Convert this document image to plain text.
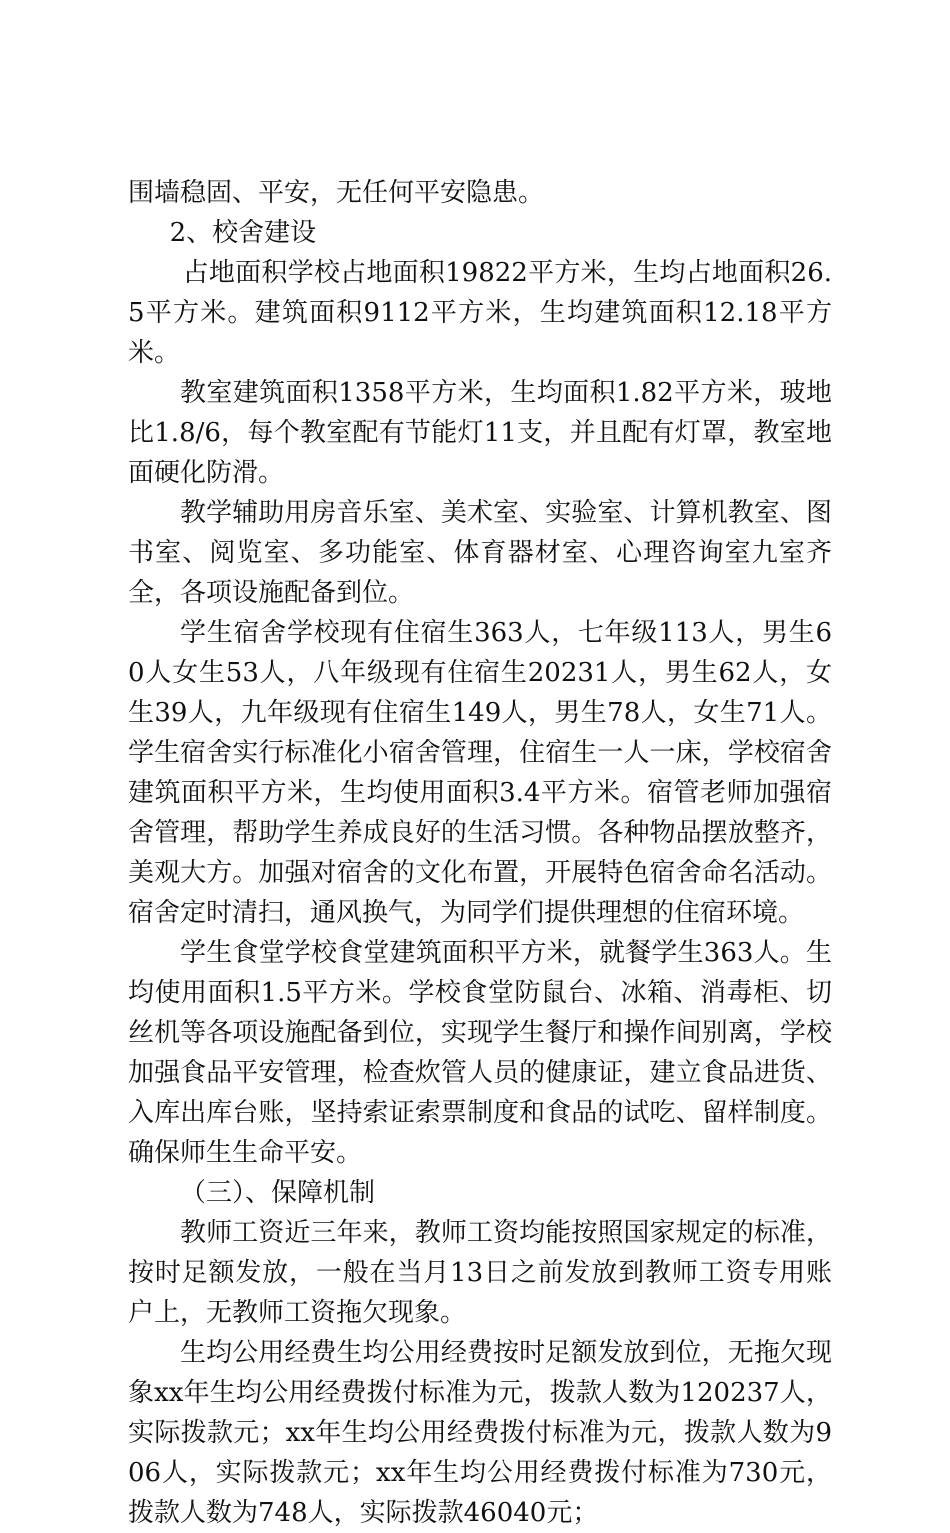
围墙稳固、平安，无任何平安隐患。

2、校舍建设

占地面积学校占地面积19822平方米，生均占地面积26.5平方米。建筑面积9112平方米，生均建筑面积12.18平方米。

教室建筑面积1358平方米，生均面积1.82平方米，玻地比1.8/6，每个教室配有节能灯11支，并且配有灯罩，教室地面硬化防滑。

教学辅助用房音乐室、美术室、实验室、计算机教室、图书室、阅览室、多功能室、体育器材室、心理咨询室九室齐全，各项设施配备到位。

学生宿舍学校现有住宿生363人，七年级113人，男生60人女生53人，八年级现有住宿生20231人，男生62人，女生39人，九年级现有住宿生149人，男生78人，女生71人。学生宿舍实行标准化小宿舍管理，住宿生一人一床，学校宿舍建筑面积平方米，生均使用面积3.4平方米。宿管老师加强宿舍管理，帮助学生养成良好的生活习惯。各种物品摆放整齐，美观大方。加强对宿舍的文化布置，开展特色宿舍命名活动。宿舍定时清扫，通风换气，为同学们提供理想的住宿环境。

学生食堂学校食堂建筑面积平方米，就餐学生363人。生均使用面积1.5平方米。学校食堂防鼠台、冰箱、消毒柜、切丝机等各项设施配备到位，实现学生餐厅和操作间别离，学校加强食品平安管理，检查炊管人员的健康证，建立食品进货、入库出库台账，坚持索证索票制度和食品的试吃、留样制度。确保师生生命平安。

（三）、保障机制

教师工资近三年来，教师工资均能按照国家规定的标准，按时足额发放，一般在当月13日之前发放到教师工资专用账户上，无教师工资拖欠现象。

生均公用经费生均公用经费按时足额发放到位，无拖欠现象xx年生均公用经费拨付标准为元，拨款人数为120237人，实际拨款元；xx年生均公用经费拨付标准为元，拨款人数为906人，实际拨款元；xx年生均公用经费拨付标准为730元，拨款人数为748人，实际拨款46040元；
